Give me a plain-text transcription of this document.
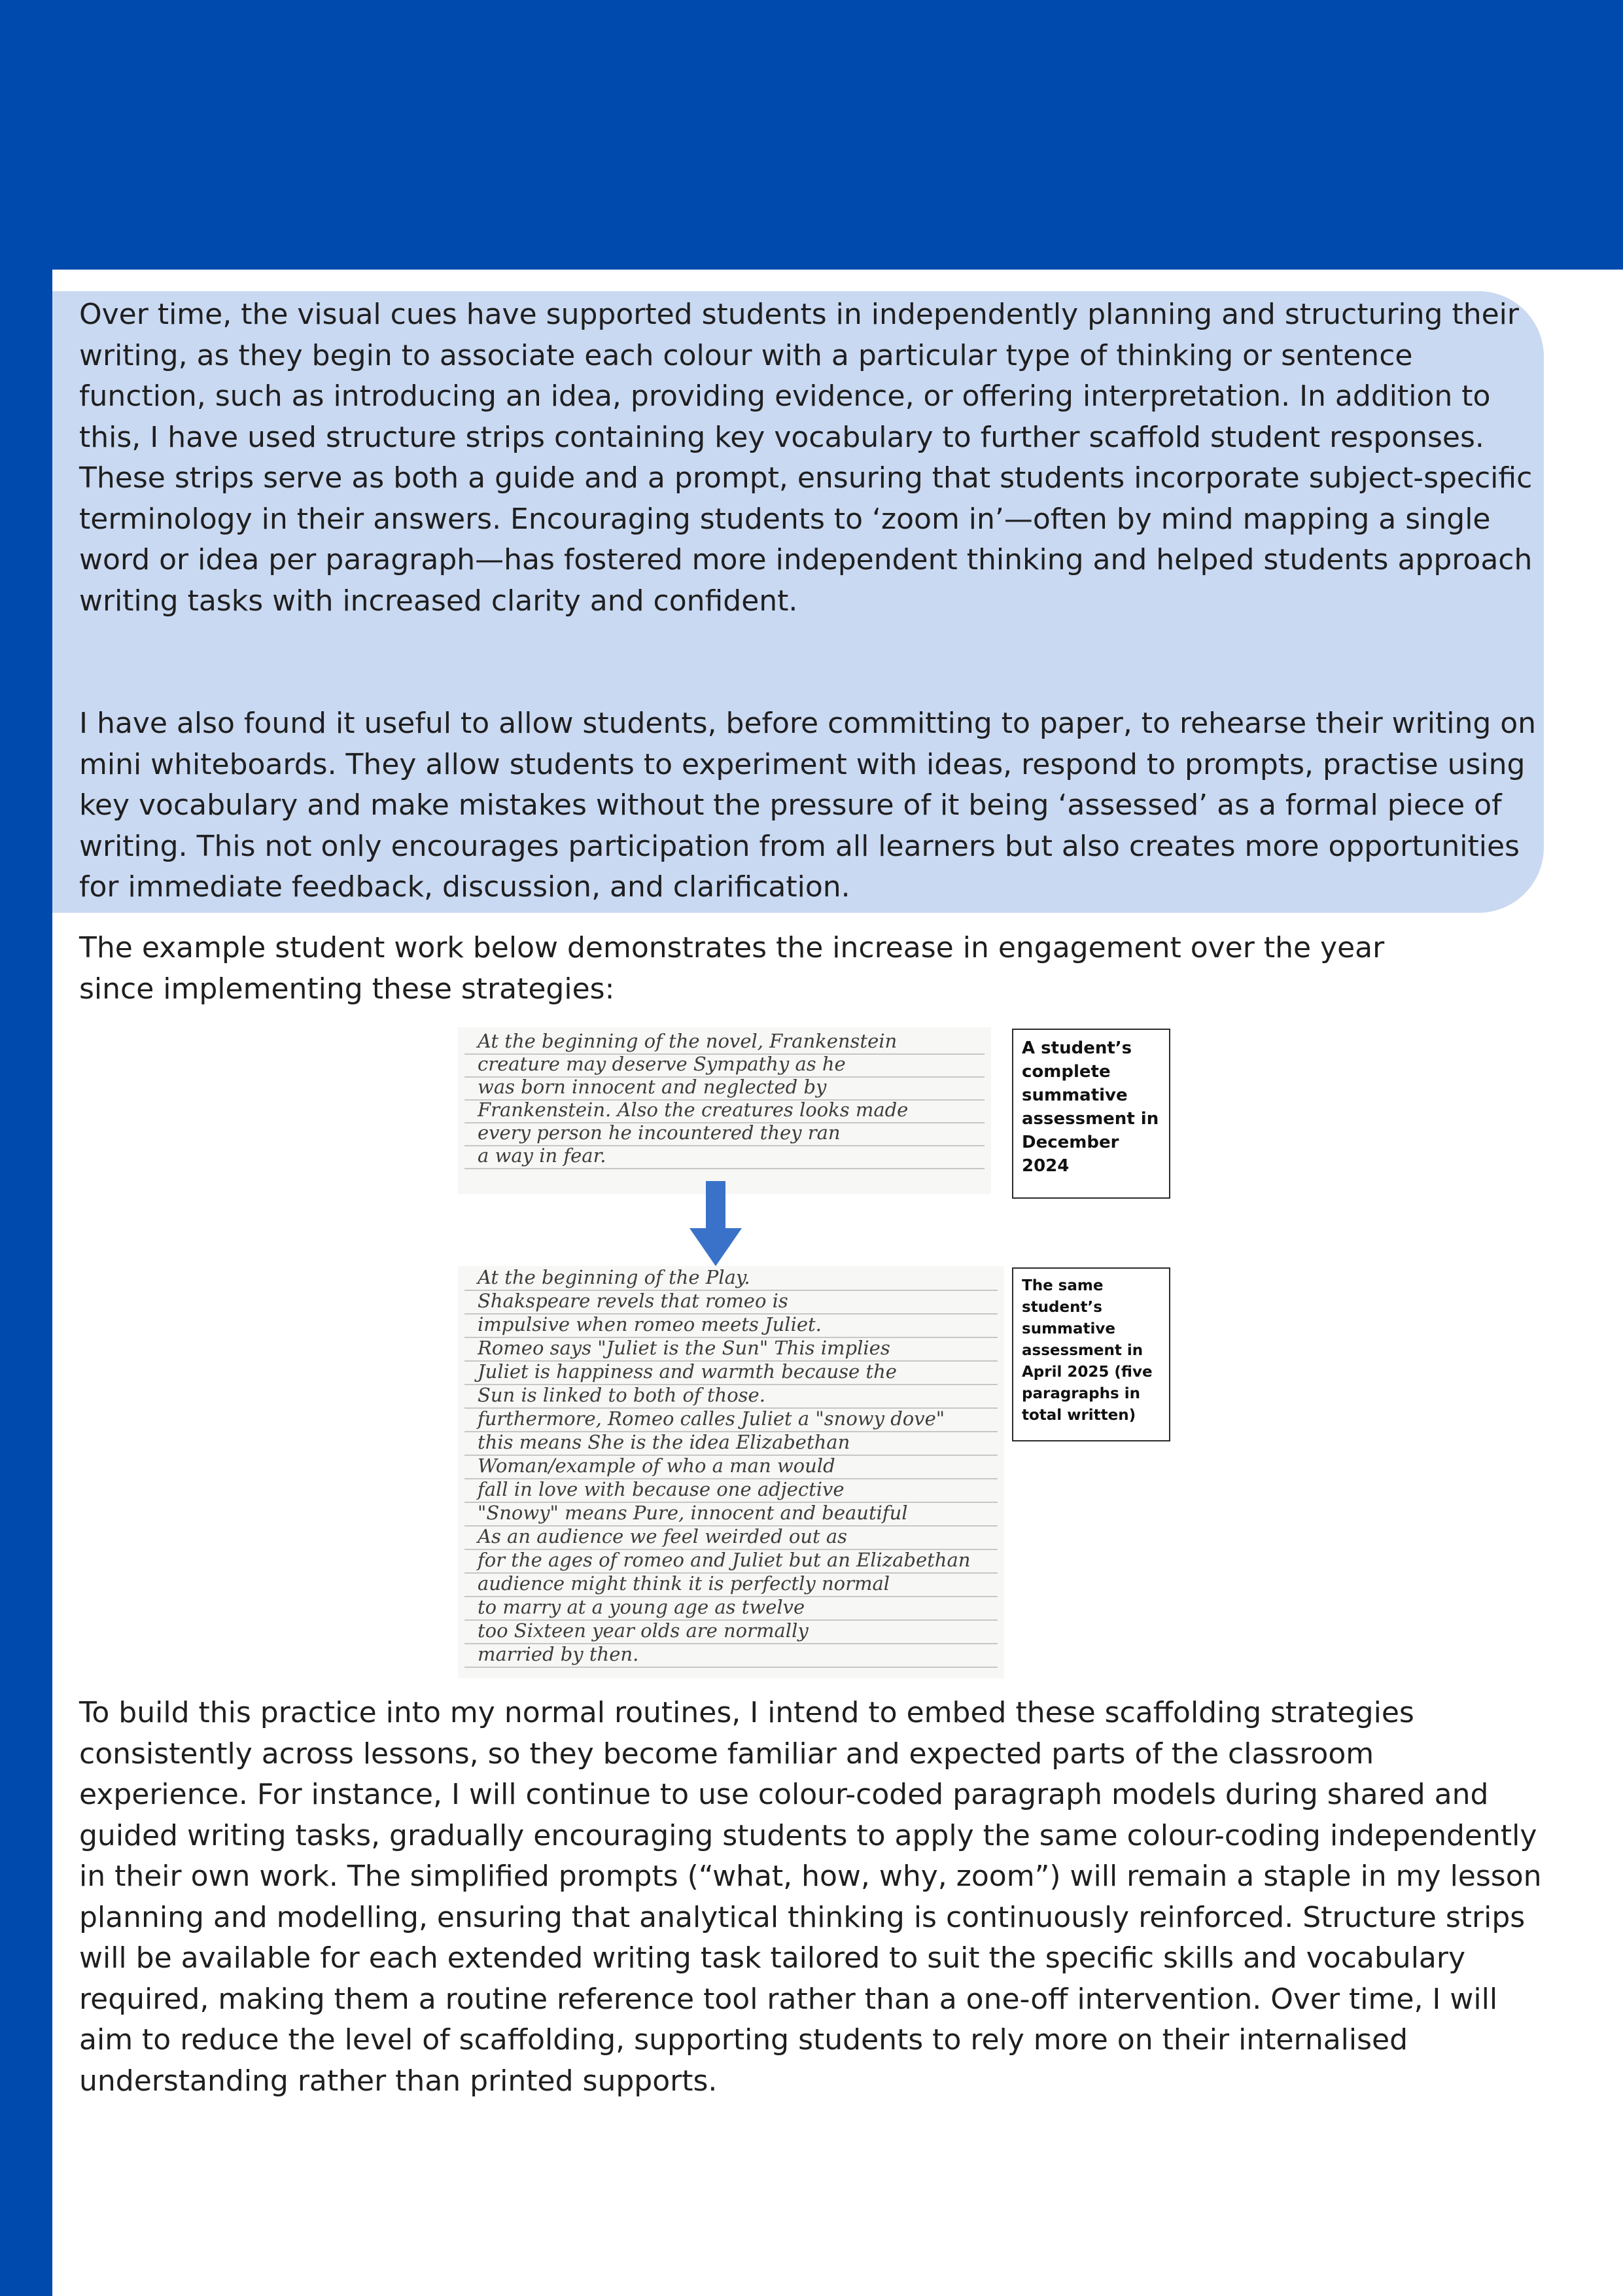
Over time, the visual cues have supported students in independently planning and structuring their writing, as they begin to associate each colour with a particular type of thinking or sentence function, such as introducing an idea, providing evidence, or offering interpretation. In addition to this, I have used structure strips containing key vocabulary to further scaffold student responses. These strips serve as both a guide and a prompt, ensuring that students incorporate subject-specific terminology in their answers. Encouraging students to ‘zoom in’—often by mind mapping a single word or idea per paragraph—has fostered more independent thinking and helped students approach writing tasks with increased clarity and confident.

I have also found it useful to allow students, before committing to paper, to rehearse their writing on mini whiteboards. They allow students to experiment with ideas, respond to prompts, practise using key vocabulary and make mistakes without the pressure of it being ‘assessed’ as a formal piece of writing. This not only encourages participation from all learners but also creates more opportunities for immediate feedback, discussion, and clarification.

The example student work below demonstrates the increase in engagement over the year since implementing these strategies:

At the beginning of the novel, Frankenstein

creature may deserve Sympathy as he

was born innocent and neglected by

Frankenstein. Also the creatures looks made

every person he incountered they ran

a way in fear.

A student’s complete summative assessment in December 2024

At the beginning of the Play.

Shakspeare revels that romeo is

impulsive when romeo meets Juliet.

Romeo says "Juliet is the Sun" This implies

Juliet is happiness and warmth because the

Sun is linked to both of those.

furthermore, Romeo calles Juliet a "snowy dove"

this means She is the idea Elizabethan

Woman/example of who a man would

fall in love with because one adjective

"Snowy" means Pure, innocent and beautiful

As an audience we feel weirded out as

for the ages of romeo and Juliet but an Elizabethan

audience might think it is perfectly normal

to marry at a young age as twelve

too Sixteen year olds are normally

married by then.

The same student’s summative assessment in April 2025 (five paragraphs in total written)

To build this practice into my normal routines, I intend to embed these scaffolding strategies consistently across lessons, so they become familiar and expected parts of the classroom experience. For instance, I will continue to use colour-coded paragraph models during shared and guided writing tasks, gradually encouraging students to apply the same colour-coding independently in their own work. The simplified prompts (“what, how, why, zoom”) will remain a staple in my lesson planning and modelling, ensuring that analytical thinking is continuously reinforced. Structure strips will be available for each extended writing task tailored to suit the specific skills and vocabulary required, making them a routine reference tool rather than a one-off intervention. Over time, I will aim to reduce the level of scaffolding, supporting students to rely more on their internalised understanding rather than printed supports.
